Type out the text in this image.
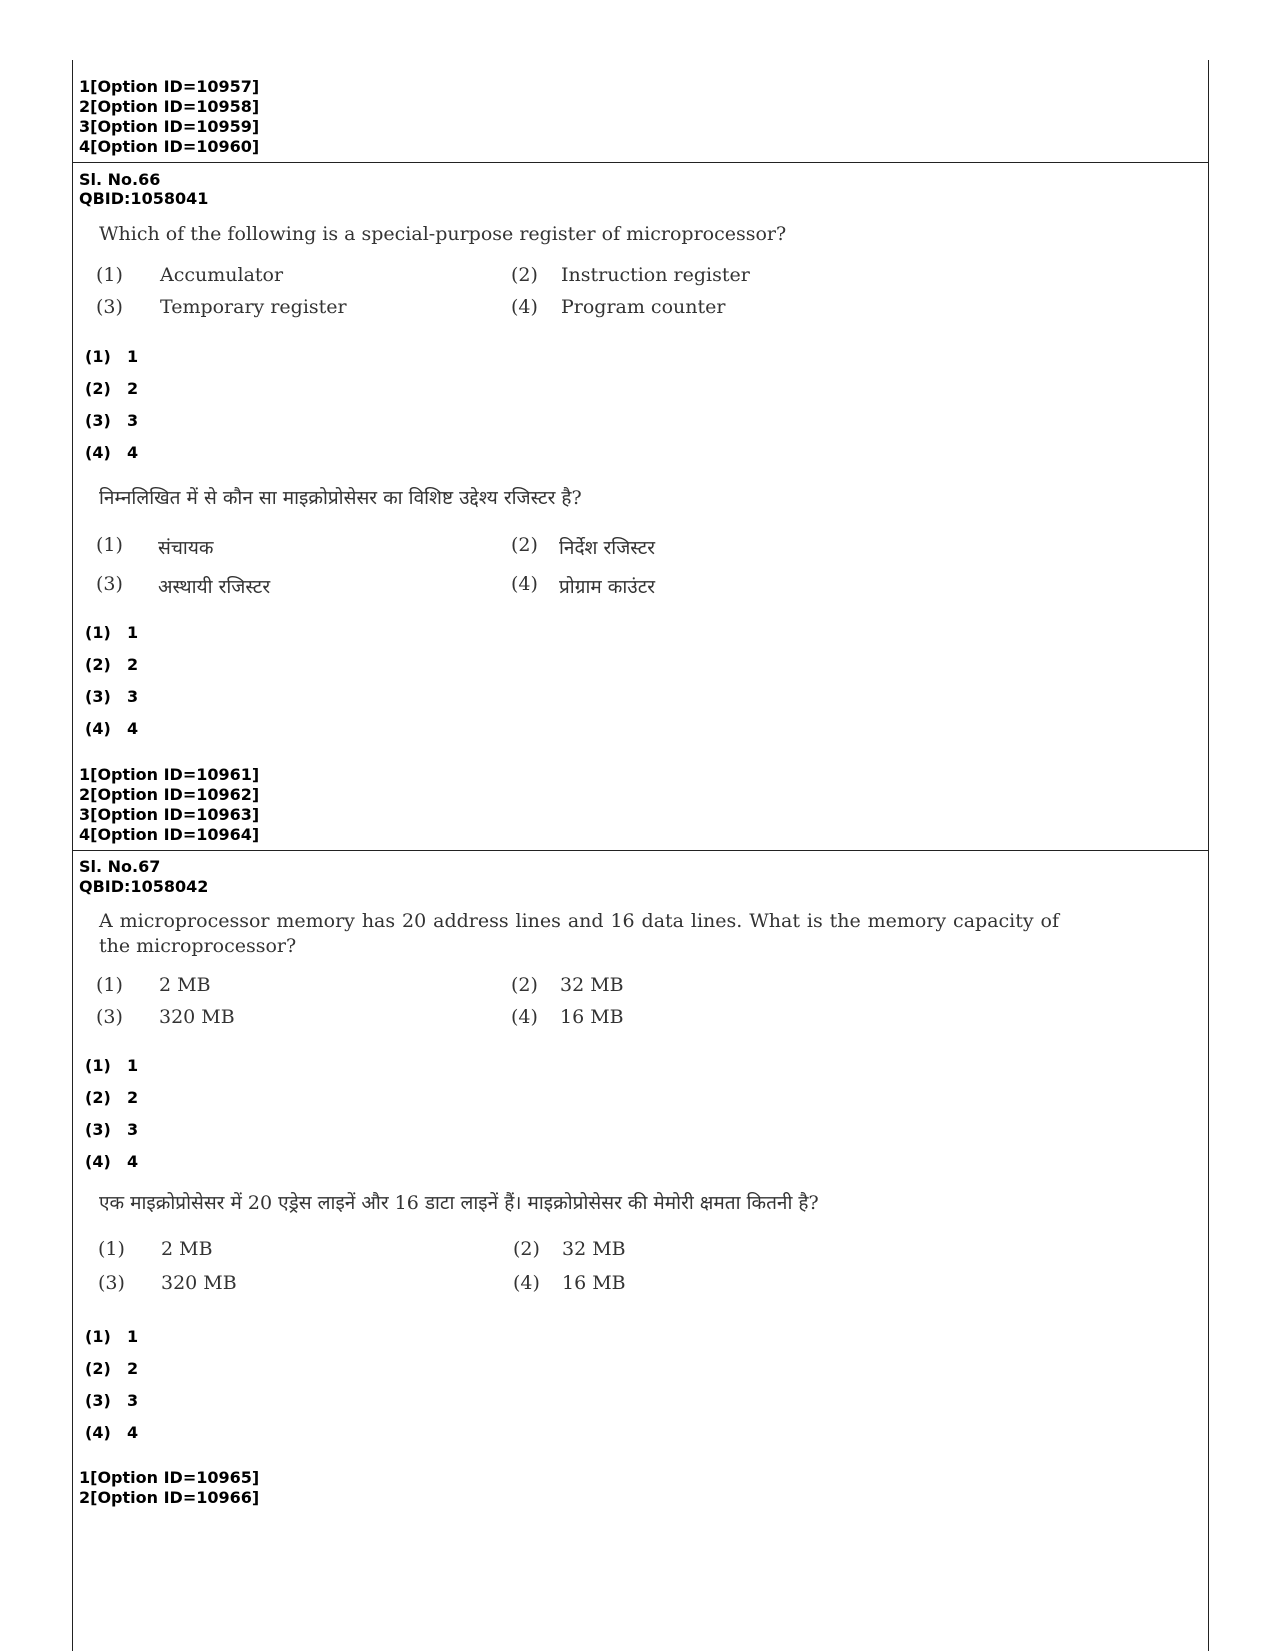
1[Option ID=10957]
2[Option ID=10958]
3[Option ID=10959]
4[Option ID=10960]
Sl. No.66
QBID:1058041
Which of the following is a special-purpose register of microprocessor?
(1) Accumulator	(2) Instruction register
(3) Temporary register	(4) Program counter
(1) 1
(2) 2
(3) 3
(4) 4
निम्नलिखित में से कौन सा माइक्रोप्रोसेसर का विशिष्ट उद्देश्य रजिस्टर है?
(1) संचायक	(2) निर्देश रजिस्टर
(3) अस्थायी रजिस्टर	(4) प्रोग्राम काउंटर
(1) 1
(2) 2
(3) 3
(4) 4
1[Option ID=10961]
2[Option ID=10962]
3[Option ID=10963]
4[Option ID=10964]
Sl. No.67
QBID:1058042
A microprocessor memory has 20 address lines and 16 data lines. What is the memory capacity of the microprocessor?
(1) 2 MB	(2) 32 MB
(3) 320 MB	(4) 16 MB
(1) 1
(2) 2
(3) 3
(4) 4
एक माइक्रोप्रोसेसर में 20 एड्रेस लाइनें और 16 डाटा लाइनें हैं। माइक्रोप्रोसेसर की मेमोरी क्षमता कितनी है?
(1) 2 MB	(2) 32 MB
(3) 320 MB	(4) 16 MB
(1) 1
(2) 2
(3) 3
(4) 4
1[Option ID=10965]
2[Option ID=10966]
